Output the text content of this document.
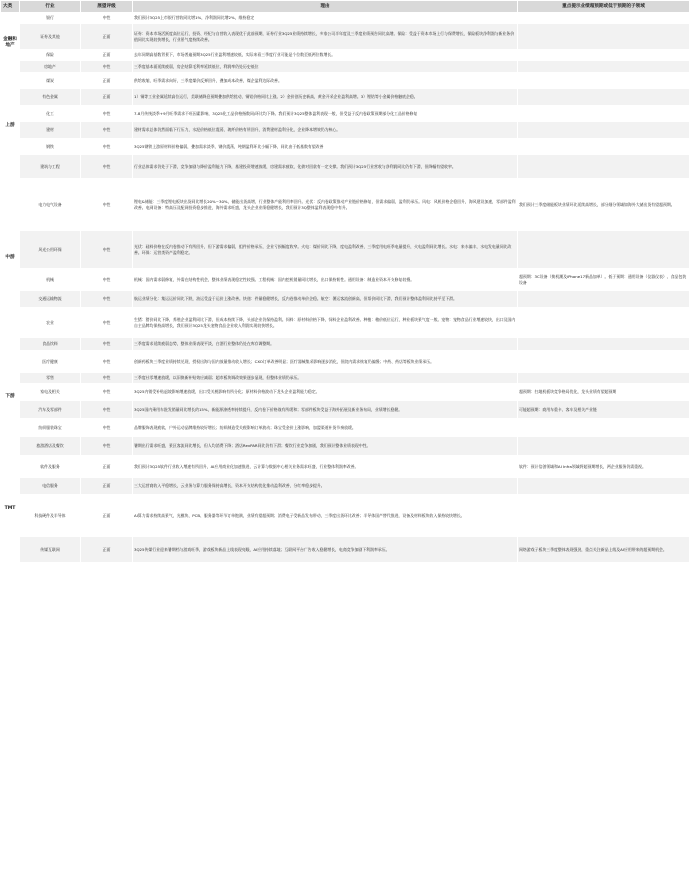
大类	行业	展望评级	理由	重点提示业绩超预期或低于预期的子领域
金融和地产	银行	中性	我们预计3Q25上市银行营收同比增1%，净利润同比增2%，维持稳定	
	证券及其他	正面	证券：资本市场活跃度高位运行，投资、经纪与自营收入表现优于此前预期，证券行业3Q25业绩持续增长，多家公司半年度及三季度业绩预告同比高增。保险：受益于资本市场上行与保费增长，保险板块净利润与新业务价值同比实现较快增长，行业景气度持续改善。	
	保险	正面	去年同期高基数背景下，市场普遍预期3Q25行业盈利增速较低，实际来看三季度行业可能是个位数至低两位数增长。	
	房地产	中性	三季度基本面延续疲弱，房企结算毛利率延续低位，利润率仍处历史低位	
上游	煤炭	正面	供给收缩，旺季需求向好，三季度煤价反弹回升，叠加成本改善，煤企盈利边际改善。	
	有色金属	正面	1）铜等工业金属延续高位运行，美联储降息预期叠加供给扰动，铜铝价格同比上涨。2）金价创历史新高，黄金开采企业盈利高增。3）锂钴等小金属价格触底企稳。	
	化工	中性	7-8月传统淡季+9月旺季需求不旺因素影响，3Q25化工品价格指数同/环比均下降。我们预计3Q25整体盈利表现一般，但受益于反内卷政策预期部分化工品价格修复	
	建材	中性	建材需求总体仍然面临下行压力，水泥价格低位震荡，玻纤价格有所回升，消费建材盈利分化，企业降本增效仍为核心。	
	钢铁	中性	3Q25钢铁上游原材料价格偏弱，叠加需求淡季，钢价震荡，吨钢盈利环比小幅下降，同比由于低基数有望改善	
	建筑与工程	中性	行业总体需求仍处于下滑，竞争加剧与降价盈利能力下降，基建投资增速放缓，房建需求疲软，化债对回款有一定支撑。我们预计3Q25行业营收与净利润同比仍有下滑，但降幅有望收窄。	
中游	电力电气设备	中性	锂电&储能：三季度锂电板块出货同比增长20%~30%，储能出货高增，行业整体产能利用率回升。光伏：反内卷政策推动产业链价格修复，但需求偏弱，盈利仍承压。风电：风机价格企稳回升，海风建设加速，零部件盈利改善。电网设备：特高压及配网投资稳步推进，海外需求旺盛，龙头企业业绩稳健增长，我们预计3Q整体盈利表现稳中有升。	我们预计三季度储能板块业绩环比延续高增长，部分细分领域如海外大储出货有望超预期。
	风光公用环保	中性	光伏：硅料价格在反内卷推动下有所回升，但下游需求偏弱，组件价格承压，企业亏损幅度收窄。火电：煤价同比下降，度电盈利改善，三季度用电旺季电量提升，火电盈利同比增长。水电：来水偏丰，水电发电量同比改善。环保：运营类资产盈利稳定。	
	机械	中性	机械：国内需求弱修复，外需在结构性机会，整体业绩表现稳定性较强。工程机械：国内挖机销量同比增长，出口保持韧性。通用设备：制造业资本开支修复较慢。	超预期：3C设备（换机潮及iPhone17新品加单）。低于预期：通用设备（仪器仪表）、食品包装设备
	交通运输物流	中性	航运业绩分化：集运运价同比下跌，油运受益于运价上涨改善。快递：件量稳健增长，反内卷推动单价企稳。航空：暑运客流创新高，但票价同比下滑，我们预计整体盈利同比持平至下滑。	
	农业	中性	生猪：猪价同比下降，养殖企业盈利同比下滑，但成本持续下降，头部企业仍保持盈利。饲料：原材料价格下降，饲料企业盈利改善。种植：粮价低位运行，种业板块景气度一般。宠物：宠物食品行业增速较快，出口及国内自主品牌均保持高增长，我们预计3Q25龙头宠物食品企业收入利润实现较快增长。	
下游	食品饮料	中性	三季度需求延续疲弱态势，整体业绩表现平淡，白酒行业整体仍处在库存调整期。	
	医疗健康	中性	创新药板块三季度业绩持续兑现，授权出海与国内放量推动收入增长；CXO订单改善明显；医疗器械集采影响逐步消化，但院内需求恢复仍偏慢；中药、药店等板块业绩承压。	
	零售	中性	三季度社零增速放缓，以旧换新补贴效应减弱；超市板块调改效果逐步显现，但整体业绩仍承压。	
	家电及相关	中性	3Q25内销受补贴退坡影响增速放缓，出口受关税影响有所分化；原材料价格波动下龙头企业盈利能力稳定。	超预期：扫地机板块竞争格局优化，龙头业绩有望超预期
	汽车及零部件	中性	3Q25国内乘用车批发销量同比增长约15%，新能源渗透率持续提升，反内卷下价格战有所缓和；零部件板块受益于海外拓展及新业务布局，业绩增长稳健。	可能超预期：商用车重卡、客车及相关产业链
	纺织服装珠宝	中性	品牌服饰表现疲软，户外运动品牌维持较好增长；纺织制造受关税影响订单波动；珠宝受金价上涨影响，加盟渠道补货节奏放缓。	
	旅游酒店及餐饮	中性	暑期出行需求旺盛，景区客流同比增长，但人均消费下降；酒店RevPAR同比仍有下滑；餐饮行业竞争加剧，我们预计整体业绩表现中性。	
TMT	软件及服务	正面	我们预计3Q25软件行业收入增速有所回升，AI应用商业化加速推进，云计算与数据中心相关业务需求旺盛，行业整体利润率改善。	软件：预计信创领域和AI Infra领域将超预期增长，两企业服务仍需重视。
	电信服务	正面	三大运营商收入平稳增长，云业务与算力服务保持高增长，资本开支结构优化推动盈利改善，分红率稳步提升。	
	科技硬件及半导体	正面	AI算力需求持续高景气，光模块、PCB、服务器等环节订单饱满，业绩有望超预期；消费电子受新品发布带动，三季度出货环比改善；半导体国产替代推进，设备及材料板块收入保持较快增长。	
	传媒互联网	正面	3Q25传媒行业迎来暑期档与游戏旺季，游戏板块新品上线表现亮眼，AI应用持续落地；互联网平台广告收入稳健增长，电商竞争加剧下利润率承压。	网络游戏子板块三季度整体表现强劲，重点关注新品上线及AI应用带来的超预期机会。
